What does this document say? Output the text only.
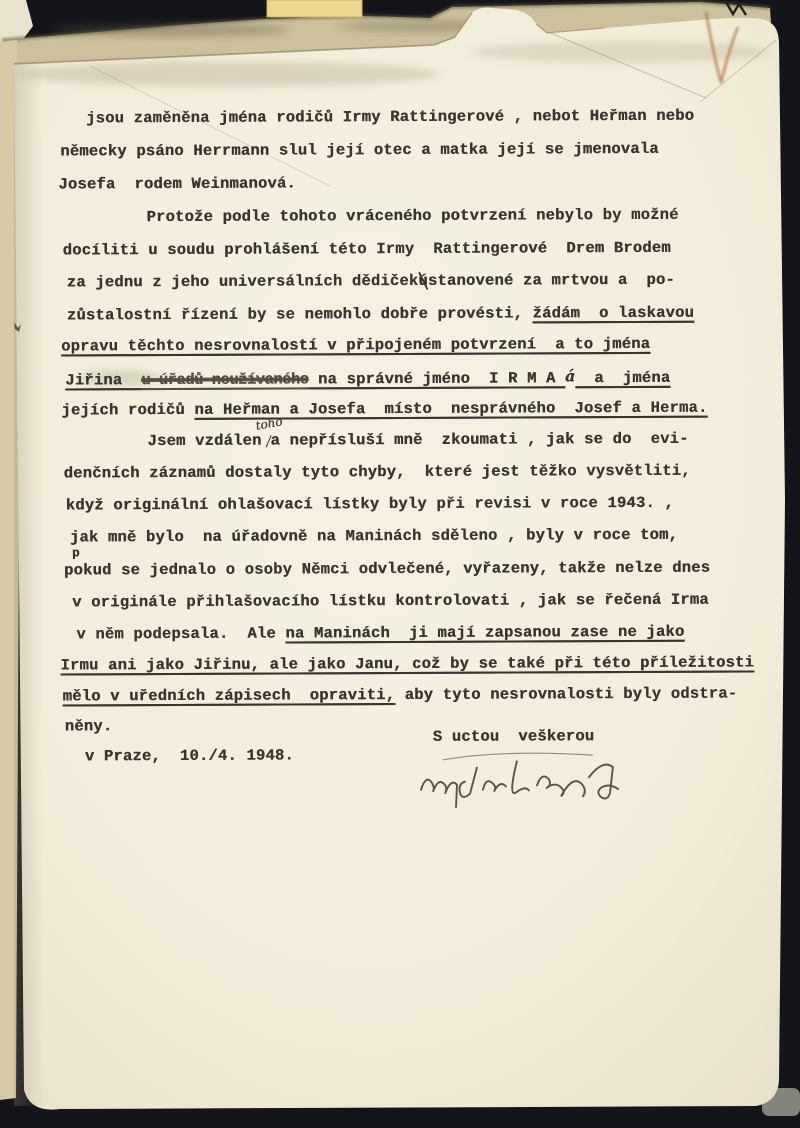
jsou zaměněna jména rodičů Irmy Rattingerové , nebot Heřman nebo
německy psáno Herrmann slul její otec a matka její se jmenovala
Josefa  rodem Weinmanová.
Protože podle tohoto vráceného potvrzení nebylo by možné
docíliti u soudu prohlášení této Irmy  Rattingerové  Drem Brodem
za jednu z jeho universálních dědičekústanovené za mrtvou a  po-
zůstalostní řízení by se nemohlo dobře provésti, žádám  o laskavou
opravu těchto nesrovnalostí v připojeném potvrzení  a to jména
Jiřina  u úřadů neužívaného na správné jméno  I R M A á  a  jména
jejích rodičů na Heřman a Josefa  místo  nesprávného  Josef a Herma.
Jsem vzdálen
toho
a nepřísluší mně  zkoumati , jak se do  evi-
denčních záznamů dostaly tyto chyby,  které jest těžko vysvětliti,
když originální ohlašovací lístky byly při revisi v roce 1943. ,
jak mně bylo  na úřadovně na Maninách sděleno , byly v roce tom,
p
pokud se jednalo o osoby Němci odvlečené, vyřazeny, takže nelze dnes
v originále přihlašovacího lístku kontrolovati , jak se řečená Irma
v něm podepsala.  Ale na Maninách  ji mají zapsanou zase ne jako
Irmu ani jako Jiřinu, ale jako Janu, což by se také při této příležitosti
mělo v uředních zápisech  opraviti, aby tyto nesrovnalosti byly odstra-
něny.
S uctou  veškerou
v Praze,  10./4. 1948.
